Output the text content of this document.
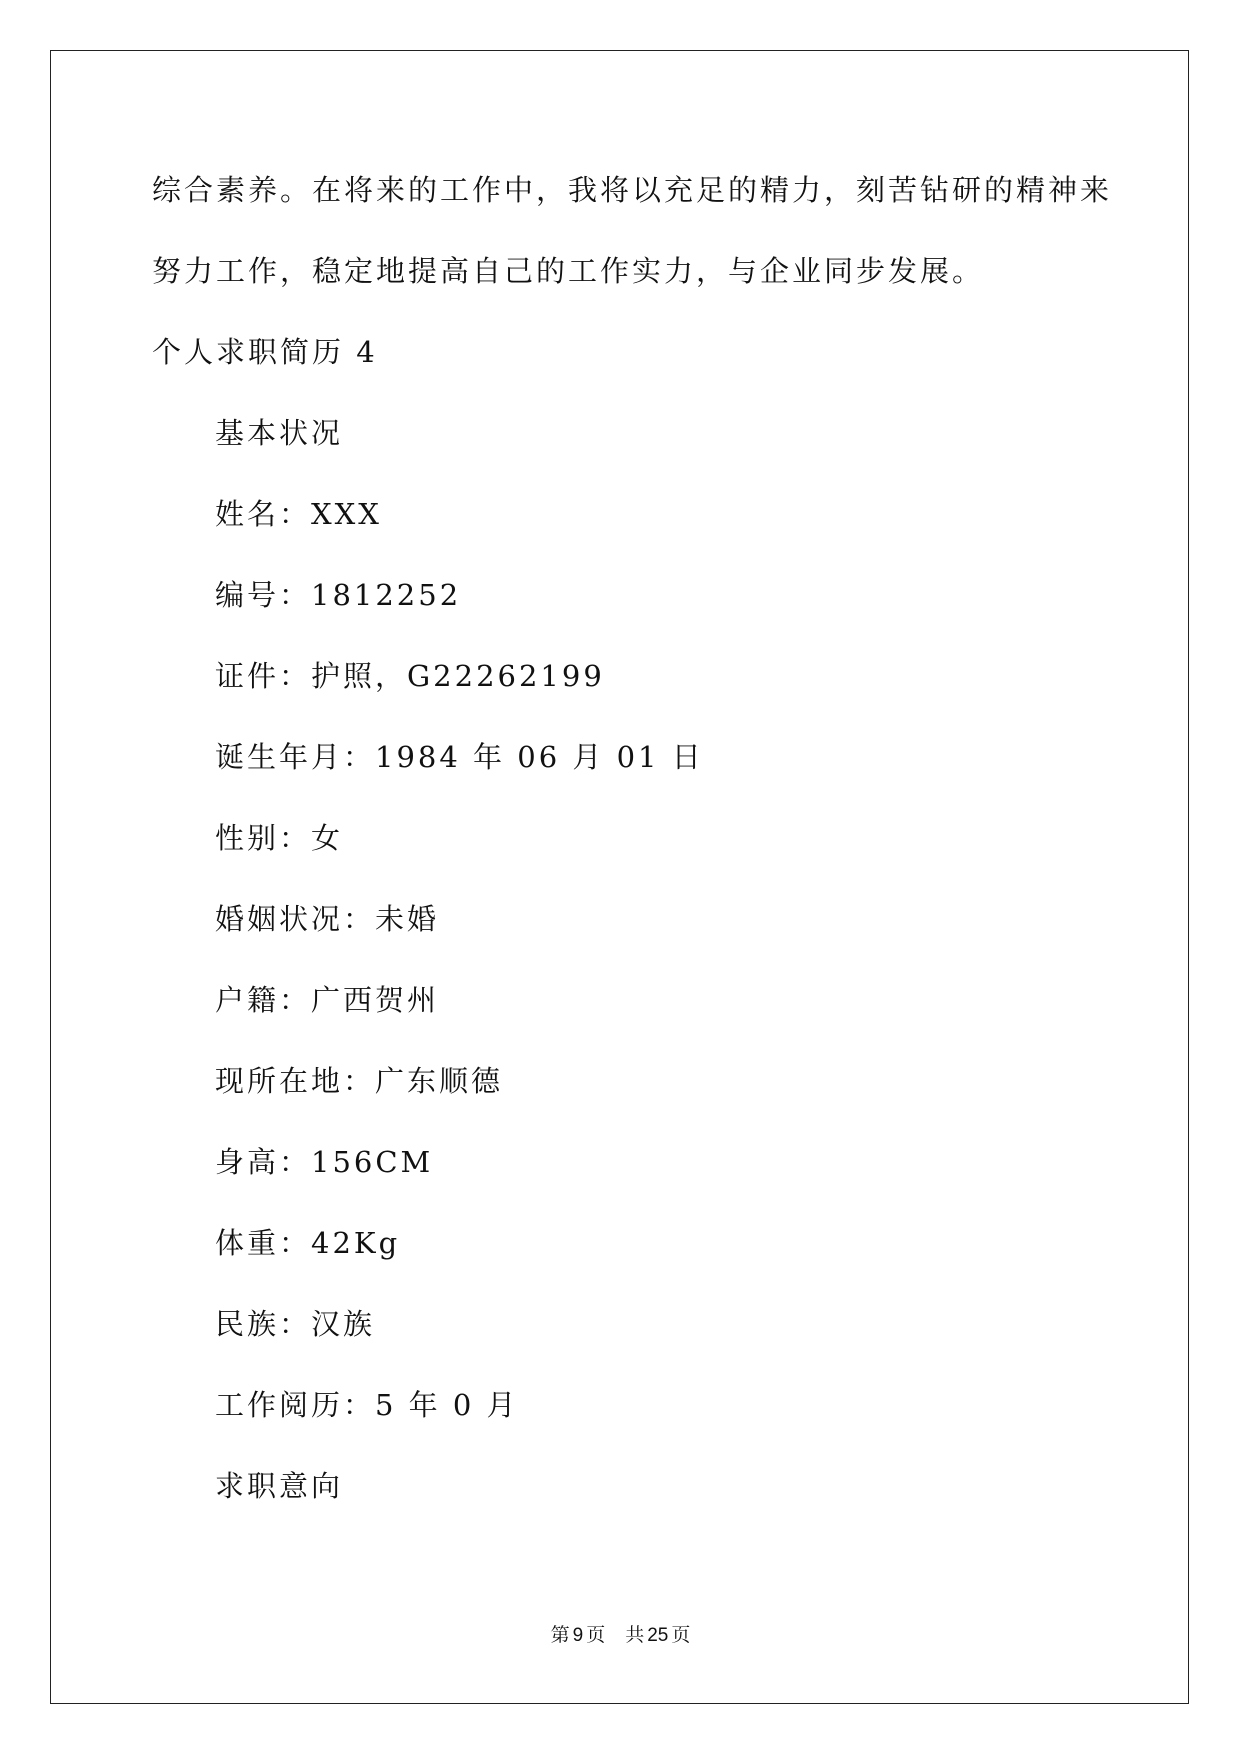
综合素养。在将来的工作中，我将以充足的精力，刻苦钻研的精神来
努力工作，稳定地提高自己的工作实力，与企业同步发展。
个人求职简历 4
基本状况
姓名：XXX
编号：1812252
证件：护照，G22262199
诞生年月：1984 年 06 月 01 日
性别：女
婚姻状况：未婚
户籍：广西贺州
现所在地：广东顺德
身高：156CM
体重：42Kg
民族：汉族
工作阅历：5 年 0 月
求职意向
第 9 页 共 25 页
